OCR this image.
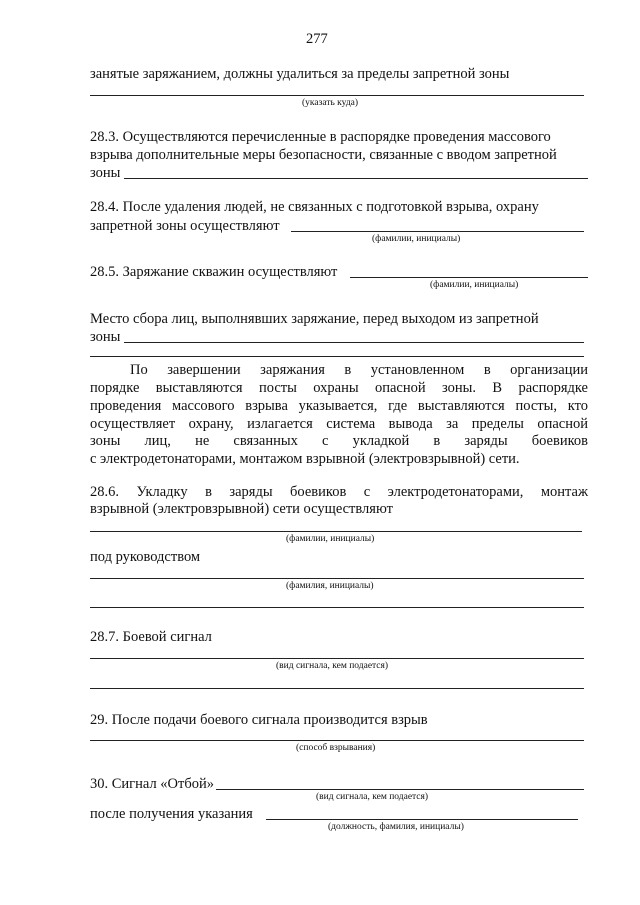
277
занятые заряжанием, должны удалиться за пределы запретной зоны
(указать куда)
28.3. Осуществляются перечисленные в распорядке проведения массового
взрыва дополнительные меры безопасности, связанные с вводом запретной
зоны
28.4. После удаления людей, не связанных с подготовкой взрыва, охрану
запретной зоны осуществляют
(фамилии, инициалы)
28.5. Заряжание скважин осуществляют
(фамилии, инициалы)
Место сбора лиц, выполнявших заряжание, перед выходом из запретной
зоны
По завершении заряжания в установленном в организации
порядке выставляются посты охраны опасной зоны. В распорядке
проведения массового взрыва указывается, где выставляются посты, кто
осуществляет охрану, излагается система вывода за пределы опасной
зоны лиц, не связанных с укладкой в заряды боевиков
с электродетонаторами, монтажом взрывной (электровзрывной) сети.
28.6. Укладку в заряды боевиков с электродетонаторами, монтаж
взрывной (электровзрывной) сети осуществляют
(фамилии, инициалы)
под руководством
(фамилия, инициалы)
28.7. Боевой сигнал
(вид сигнала, кем подается)
29. После подачи боевого сигнала производится взрыв
(способ взрывания)
30. Сигнал «Отбой»
(вид сигнала, кем подается)
после получения указания
(должность, фамилия, инициалы)
